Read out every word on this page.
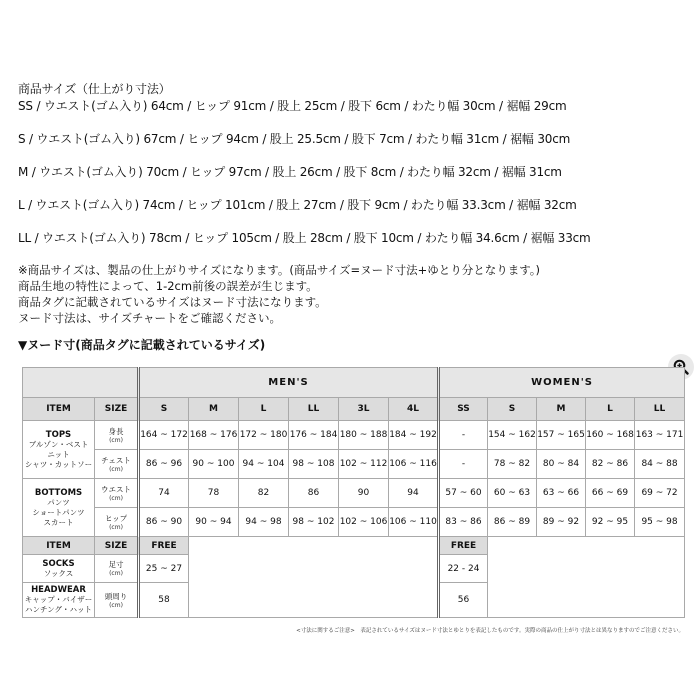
商品サイズ（仕上がり寸法）
SS / ウエスト(ゴム入り) 64cm / ヒップ 91cm / 股上 25cm / 股下 6cm / わたり幅 30cm / 裾幅 29cm
S / ウエスト(ゴム入り) 67cm / ヒップ 94cm / 股上 25.5cm / 股下 7cm / わたり幅 31cm / 裾幅 30cm
M / ウエスト(ゴム入り) 70cm / ヒップ 97cm / 股上 26cm / 股下 8cm / わたり幅 32cm / 裾幅 31cm
L / ウエスト(ゴム入り) 74cm / ヒップ 101cm / 股上 27cm / 股下 9cm / わたり幅 33.3cm / 裾幅 32cm
LL / ウエスト(ゴム入り) 78cm / ヒップ 105cm / 股上 28cm / 股下 10cm / わたり幅 34.6cm / 裾幅 33cm
※商品サイズは、製品の仕上がりサイズになります。(商品サイズ=ヌード寸法+ゆとり分となります。)
商品生地の特性によって、1-2cm前後の誤差が生じます。
商品タグに記載されているサイズはヌード寸法になります。
ヌード寸法は、サイズチャートをご確認ください。
▼ヌード寸(商品タグに記載されているサイズ)
		MEN'S						WOMEN'S				
ITEM	SIZE	S	M	L	LL	3L	4L	SS	S	M	L	LL

TOPS
ブルゾン・ベスト
ニット
シャツ・カットソー	身長
(cm)	164 ~ 172	168 ~ 176	172 ~ 180	176 ~ 184	180 ~ 188	184 ~ 192	-	154 ~ 162	157 ~ 165	160 ~ 168	163 ~ 171

	チェスト
(cm)	86 ~ 96	90 ~ 100	94 ~ 104	98 ~ 108	102 ~ 112	106 ~ 116	-	78 ~ 82	80 ~ 84	82 ~ 86	84 ~ 88

BOTTOMS
パンツ
ショートパンツ
スカート	ウエスト
(cm)	74	78	82	86	90	94	57 ~ 60	60 ~ 63	63 ~ 66	66 ~ 69	69 ~ 72

	ヒップ
(cm)	86 ~ 90	90 ~ 94	94 ~ 98	98 ~ 102	102 ~ 106	106 ~ 110	83 ~ 86	86 ~ 89	89 ~ 92	92 ~ 95	95 ~ 98
ITEM	SIZE	FREE						FREE				

SOCKS
ソックス	足寸
(cm)	25 ~ 27						22 - 24				

HEADWEAR
キャップ・バイザー
ハンチング・ハット	頭周り
(cm)	58						56				
<寸法に関するご注意>　表記されているサイズはヌード寸法とゆとりを表記したものです。実際の商品の仕上がり寸法とは異なりますのでご注意ください。
